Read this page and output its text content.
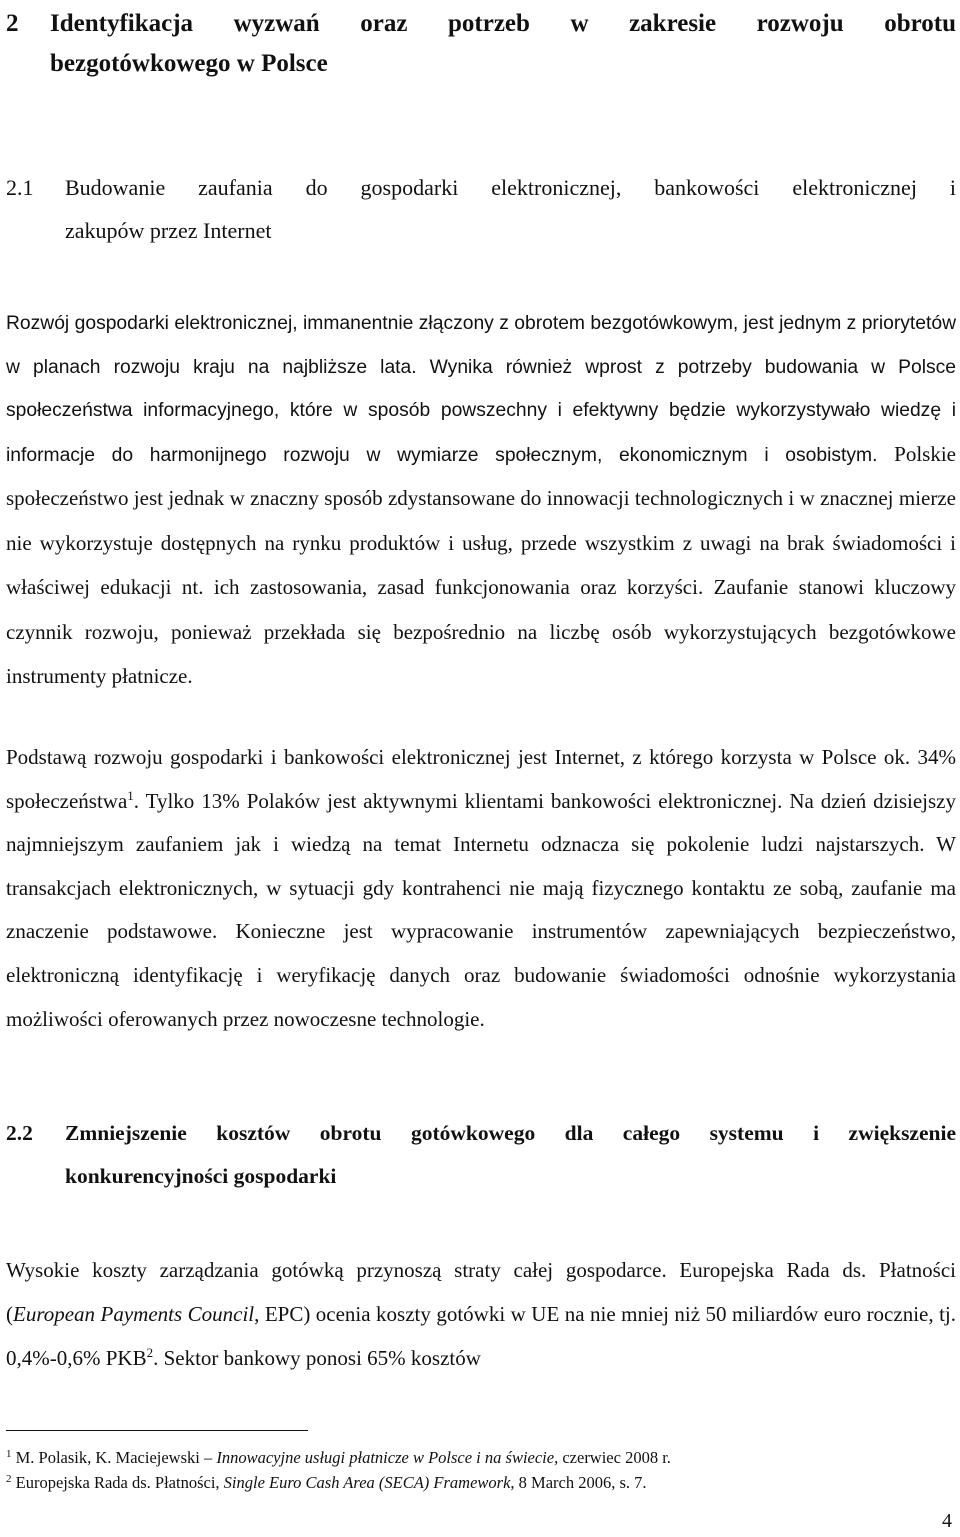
2 Identyfikacja wyzwań oraz potrzeb w zakresie rozwoju obrotu
bezgotówkowego w Polsce
2.1 Budowanie zaufania do gospodarki elektronicznej, bankowości elektronicznej i
zakupów przez Internet

Rozwój gospodarki elektronicznej, immanentnie złączony z obrotem bezgotówkowym, jest jednym z priorytetów w planach rozwoju kraju na najbliższe lata. Wynika również wprost z potrzeby budowania w Polsce społeczeństwa informacyjnego, które w sposób powszechny i efektywny będzie wykorzystywało wiedzę i informacje do harmonijnego rozwoju w wymiarze społecznym, ekonomicznym i osobistym. Polskie społeczeństwo jest jednak w znaczny sposób zdystansowane do innowacji technologicznych i w znacznej mierze nie wykorzystuje dostępnych na rynku produktów i usług, przede wszystkim z uwagi na brak świadomości i właściwej edukacji nt. ich zastosowania, zasad funkcjonowania oraz korzyści. Zaufanie stanowi kluczowy czynnik rozwoju, ponieważ przekłada się bezpośrednio na liczbę osób wykorzystujących bezgotówkowe instrumenty płatnicze.

Podstawą rozwoju gospodarki i bankowości elektronicznej jest Internet, z którego korzysta w Polsce ok. 34% społeczeństwa$^1$. Tylko 13% Polaków jest aktywnymi klientami bankowości elektronicznej. Na dzień dzisiejszy najmniejszym zaufaniem jak i wiedzą na temat Internetu odznacza się pokolenie ludzi najstarszych. W transakcjach elektronicznych, w sytuacji gdy kontrahenci nie mają fizycznego kontaktu ze sobą, zaufanie ma znaczenie podstawowe. Konieczne jest wypracowanie instrumentów zapewniających bezpieczeństwo, elektroniczną identyfikację i weryfikację danych oraz budowanie świadomości odnośnie wykorzystania możliwości oferowanych przez nowoczesne technologie.

2.2 Zmniejszenie kosztów obrotu gotówkowego dla całego systemu i zwiększenie
konkurencyjności gospodarki

Wysokie koszty zarządzania gotówką przynoszą straty całej gospodarce. Europejska Rada ds. Płatności (European Payments Council, EPC) ocenia koszty gotówki w UE na nie mniej niż 50 miliardów euro rocznie, tj. 0,4%-0,6% PKB$^2$. Sektor bankowy ponosi 65% kosztów

$^1$ M. Polasik, K. Maciejewski – Innowacyjne usługi płatnicze w Polsce i na świecie, czerwiec 2008 r.
$^2$ Europejska Rada ds. Płatności, Single Euro Cash Area (SECA) Framework, 8 March 2006, s. 7.
4
